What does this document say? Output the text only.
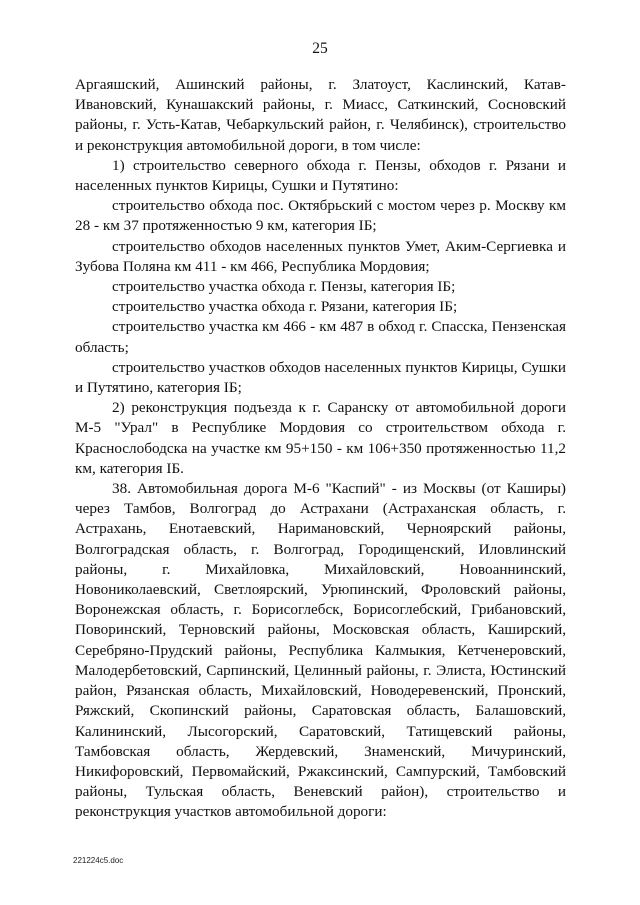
25

Аргаяшский, Ашинский районы, г. Златоуст, Каслинский, Катав-Ивановский, Кунашакский районы, г. Миасс, Саткинский, Сосновский районы, г. Усть-Катав, Чебаркульский район, г. Челябинск), строительство и реконструкция автомобильной дороги, в том числе:

1) строительство северного обхода г. Пензы, обходов г. Рязани и населенных пунктов Кирицы, Сушки и Путятино:

строительство обхода пос. Октябрьский с мостом через р. Москву км 28 - км 37 протяженностью 9 км, категория IБ;

строительство обходов населенных пунктов Умет, Аким-Сергиевка и Зубова Поляна км 411 - км 466, Республика Мордовия;

строительство участка обхода г. Пензы, категория IБ;

строительство участка обхода г. Рязани, категория IБ;

строительство участка км 466 - км 487 в обход г. Спасска, Пензенская область;

строительство участков обходов населенных пунктов Кирицы, Сушки и Путятино, категория IБ;

2) реконструкция подъезда к г. Саранску от автомобильной дороги М-5 "Урал" в Республике Мордовия со строительством обхода г. Краснослободска на участке км 95+150 - км 106+350 протяженностью 11,2 км, категория IБ.

38. Автомобильная дорога М-6 "Каспий" - из Москвы (от Каширы) через Тамбов, Волгоград до Астрахани (Астраханская область, г. Астрахань, Енотаевский, Наримановский, Черноярский районы, Волгоградская область, г. Волгоград, Городищенский, Иловлинский районы, г. Михайловка, Михайловский, Новоаннинский, Новониколаевский, Светлоярский, Урюпинский, Фроловский районы, Воронежская область, г. Борисоглебск, Борисоглебский, Грибановский, Поворинский, Терновский районы, Московская область, Каширский, Серебряно-Прудский районы, Республика Калмыкия, Кетченеровский, Малодербетовский, Сарпинский, Целинный районы, г. Элиста, Юстинский район, Рязанская область, Михайловский, Новодеревенский, Пронский, Ряжский, Скопинский районы, Саратовская область, Балашовский, Калининский, Лысогорский, Саратовский, Татищевский районы, Тамбовская область, Жердевский, Знаменский, Мичуринский, Никифоровский, Первомайский, Ржаксинский, Сампурский, Тамбовский районы, Тульская область, Веневский район), строительство и реконструкция участков автомобильной дороги:

221224c5.doc
